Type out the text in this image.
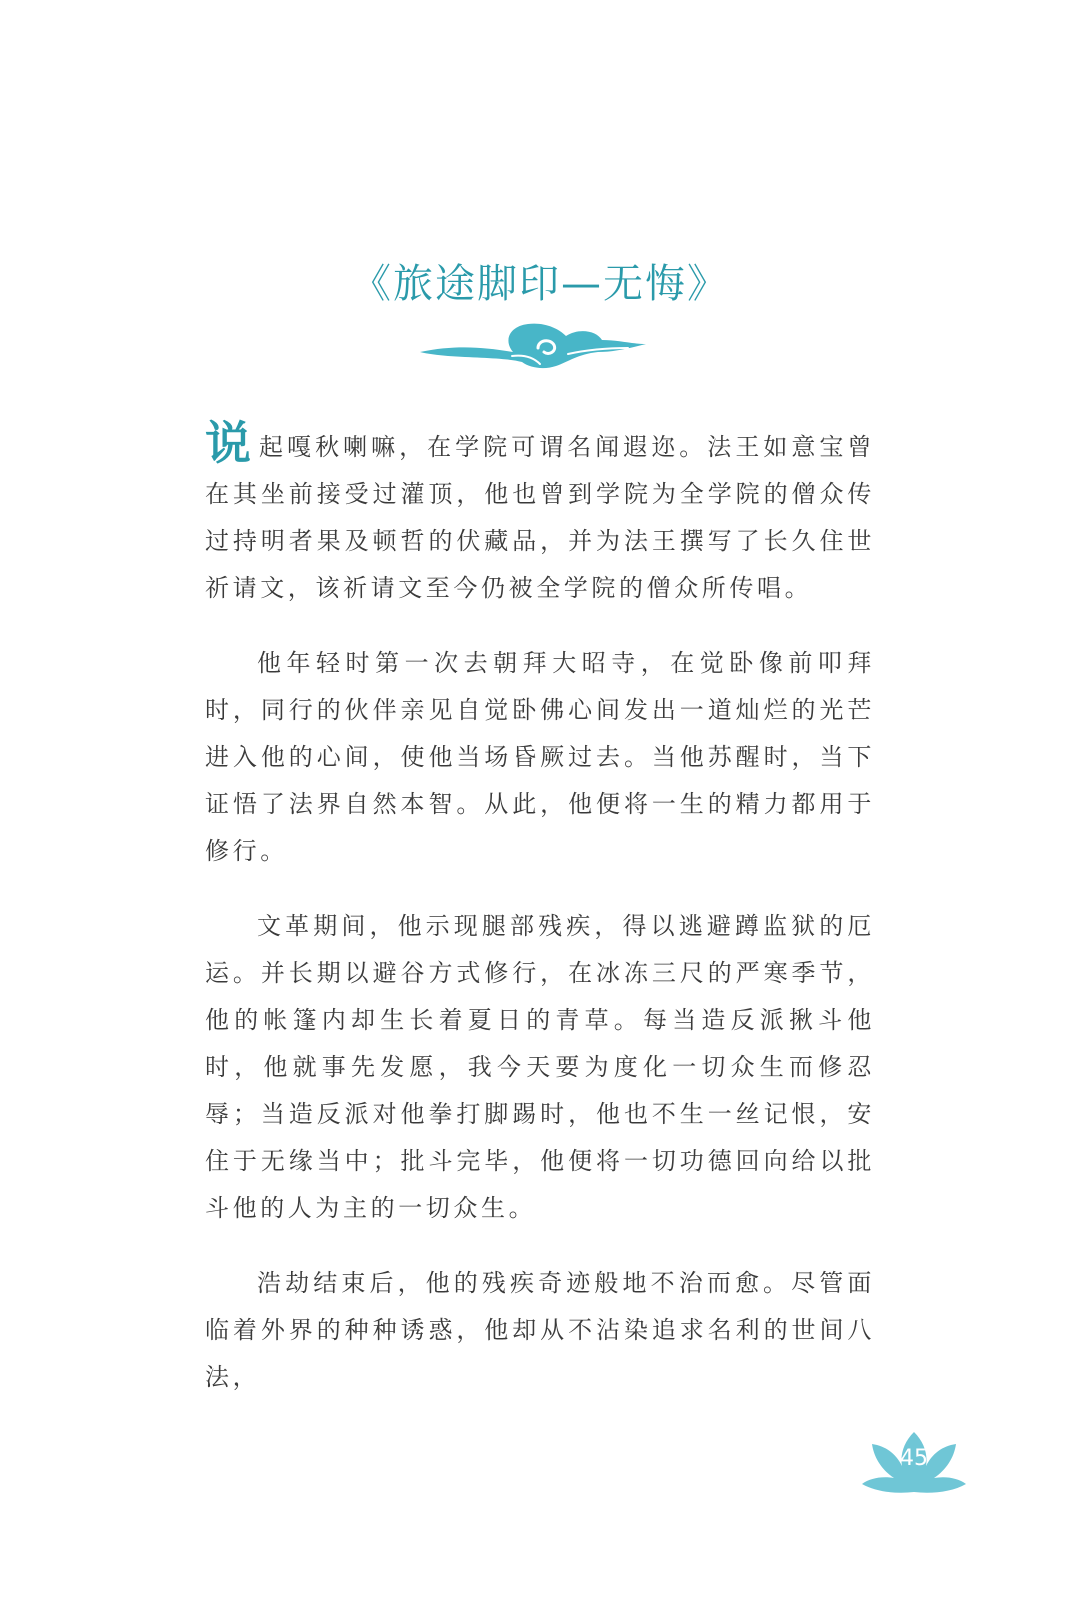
《旅途脚印—无悔》

说起嘎秋喇嘛，在学院可谓名闻遐迩。法王如意宝曾在其坐前接受过灌顶，他也曾到学院为全学院的僧众传过持明者果及顿哲的伏藏品，并为法王撰写了长久住世祈请文，该祈请文至今仍被全学院的僧众所传唱。

他年轻时第一次去朝拜大昭寺，在觉卧像前叩拜时，同行的伙伴亲见自觉卧佛心间发出一道灿烂的光芒进入他的心间，使他当场昏厥过去。当他苏醒时，当下证悟了法界自然本智。从此，他便将一生的精力都用于修行。

文革期间，他示现腿部残疾，得以逃避蹲监狱的厄运。并长期以避谷方式修行，在冰冻三尺的严寒季节，他的帐篷内却生长着夏日的青草。每当造反派揪斗他时，他就事先发愿，我今天要为度化一切众生而修忍辱；当造反派对他拳打脚踢时，他也不生一丝记恨，安住于无缘当中；批斗完毕，他便将一切功德回向给以批斗他的人为主的一切众生。

浩劫结束后，他的残疾奇迹般地不治而愈。尽管面临着外界的种种诱惑，他却从不沾染追求名利的世间八法，

45
